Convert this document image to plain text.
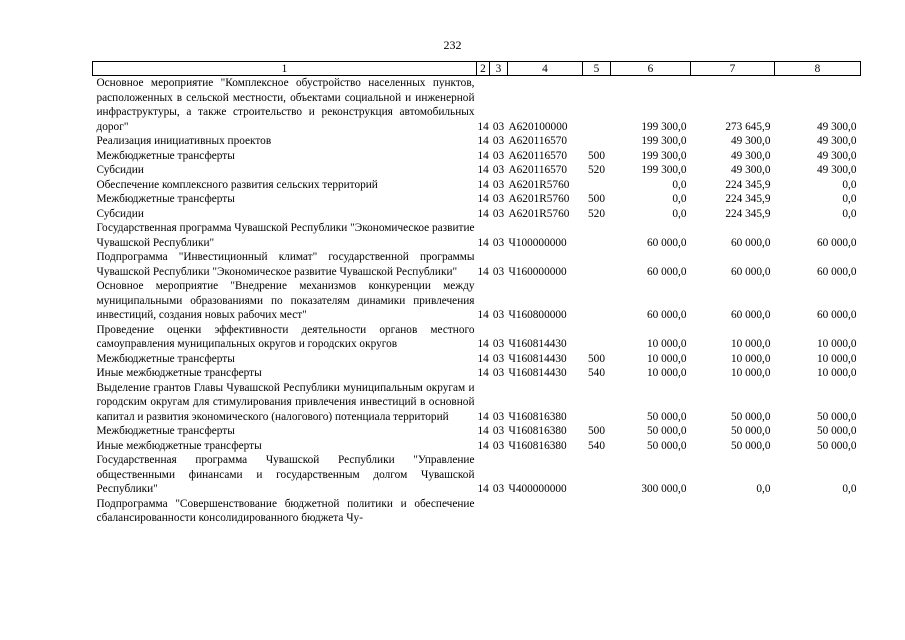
232
1	2	3	4	5	6	7	8
Основное мероприятие "Комплексное обустройство населенных пунктов, расположенных в сельской местности, объектами социальной и инженерной инфраструктуры, а также строительство и реконструкция автомобильных дорог"	14	03	А620100000		199 300,0	273 645,9	49 300,0
Реализация инициативных проектов	14	03	А620116570		199 300,0	49 300,0	49 300,0
Межбюджетные трансферты	14	03	А620116570	500	199 300,0	49 300,0	49 300,0
Субсидии	14	03	А620116570	520	199 300,0	49 300,0	49 300,0
Обеспечение комплексного развития сельских территорий	14	03	А6201R5760		0,0	224 345,9	0,0
Межбюджетные трансферты	14	03	А6201R5760	500	0,0	224 345,9	0,0
Субсидии	14	03	А6201R5760	520	0,0	224 345,9	0,0
Государственная программа Чувашской Республики "Экономическое развитие Чувашской Республики"	14	03	Ч100000000		60 000,0	60 000,0	60 000,0
Подпрограмма "Инвестиционный климат" государственной программы Чувашской Республики "Экономическое развитие Чувашской Республики"	14	03	Ч160000000		60 000,0	60 000,0	60 000,0
Основное мероприятие "Внедрение механизмов конкуренции между муниципальными образованиями по показателям динамики привлечения инвестиций, создания новых рабочих мест"	14	03	Ч160800000		60 000,0	60 000,0	60 000,0
Проведение оценки эффективности деятельности органов местного самоуправления муниципальных округов и городских округов	14	03	Ч160814430		10 000,0	10 000,0	10 000,0
Межбюджетные трансферты	14	03	Ч160814430	500	10 000,0	10 000,0	10 000,0
Иные межбюджетные трансферты	14	03	Ч160814430	540	10 000,0	10 000,0	10 000,0
Выделение грантов Главы Чувашской Республики муниципальным округам и городским округам для стимулирования привлечения инвестиций в основной капитал и развития экономического (налогового) потенциала территорий	14	03	Ч160816380		50 000,0	50 000,0	50 000,0
Межбюджетные трансферты	14	03	Ч160816380	500	50 000,0	50 000,0	50 000,0
Иные межбюджетные трансферты	14	03	Ч160816380	540	50 000,0	50 000,0	50 000,0
Государственная программа Чувашской Республики "Управление общественными финансами и государственным долгом Чувашской Республики"	14	03	Ч400000000		300 000,0	0,0	0,0
Подпрограмма "Совершенствование бюджетной политики и обеспечение сбалансированности консолидированного бюджета Чу-							
